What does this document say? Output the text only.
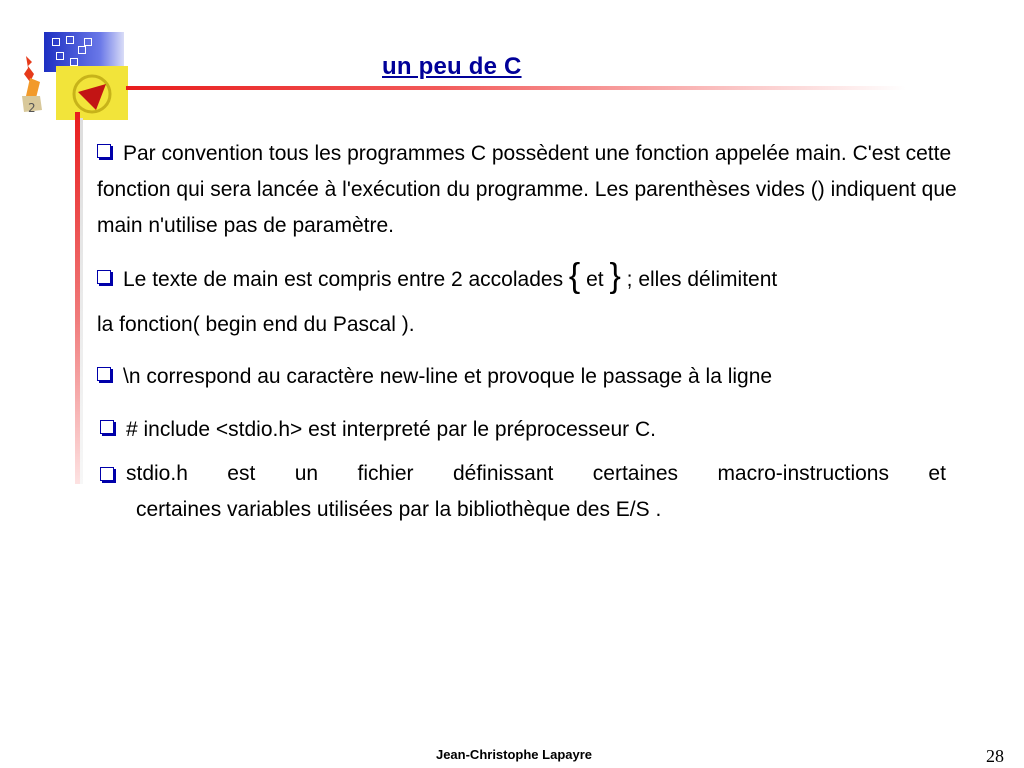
2
un peu de C
Par convention tous les programmes C possèdent une fonction appelée main. C'est cette fonction qui sera lancée à l'exécution du programme. Les parenthèses vides () indiquent que main n'utilise pas de paramètre.
Le texte de main est compris entre 2 accolades { et } ; elles délimitent
la fonction( begin end du Pascal ).
\n correspond au caractère new-line et provoque le passage à la ligne
# include <stdio.h> est interpreté par le préprocesseur C.
stdio.h est un fichier définissant certaines macro-instructions et
certaines variables utilisées par la bibliothèque des E/S .
Jean-Christophe Lapayre	28
